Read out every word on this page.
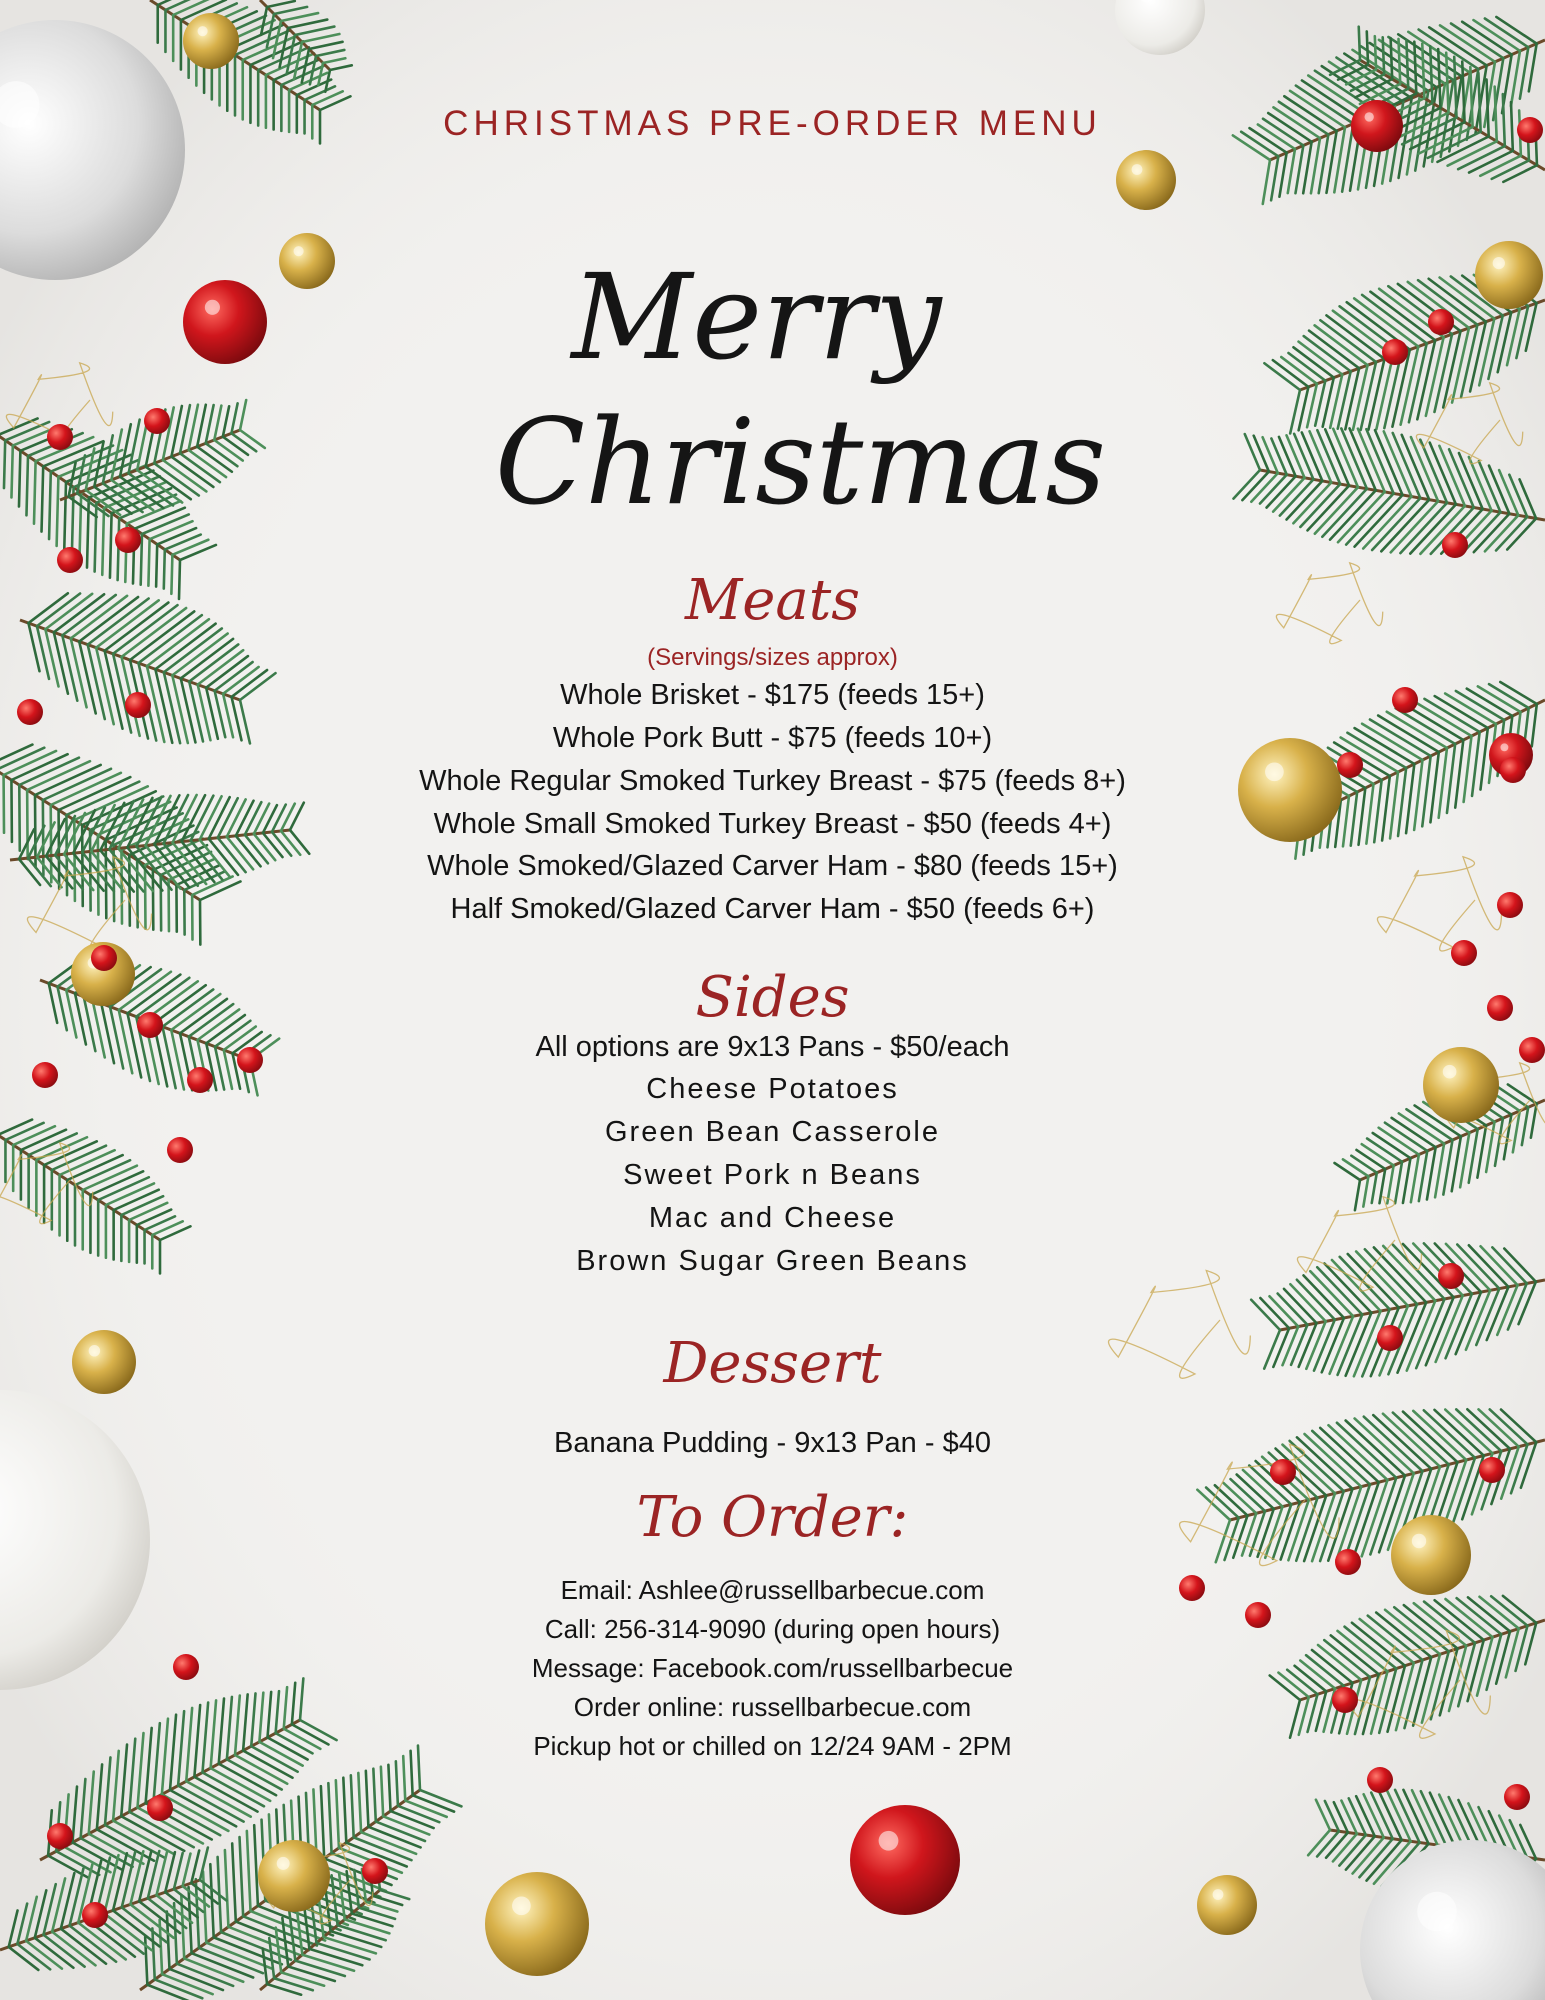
CHRISTMAS PRE-ORDER MENU
Merry
Christmas
Meats
(Servings/sizes approx)
Whole Brisket - $175 (feeds 15+)
Whole Pork Butt - $75 (feeds 10+)
Whole Regular Smoked Turkey Breast - $75 (feeds 8+)
Whole Small Smoked Turkey Breast - $50 (feeds 4+)
Whole Smoked/Glazed Carver Ham - $80 (feeds 15+)
Half Smoked/Glazed Carver Ham - $50 (feeds 6+)
Sides
All options are 9x13 Pans - $50/each
Cheese Potatoes
Green Bean Casserole
Sweet Pork n Beans
Mac and Cheese
Brown Sugar Green Beans
Dessert
Banana Pudding - 9x13 Pan - $40
To Order:
Email: Ashlee@russellbarbecue.com
Call: 256-314-9090 (during open hours)
Message: Facebook.com/russellbarbecue
Order online: russellbarbecue.com
Pickup hot or chilled on 12/24 9AM - 2PM
